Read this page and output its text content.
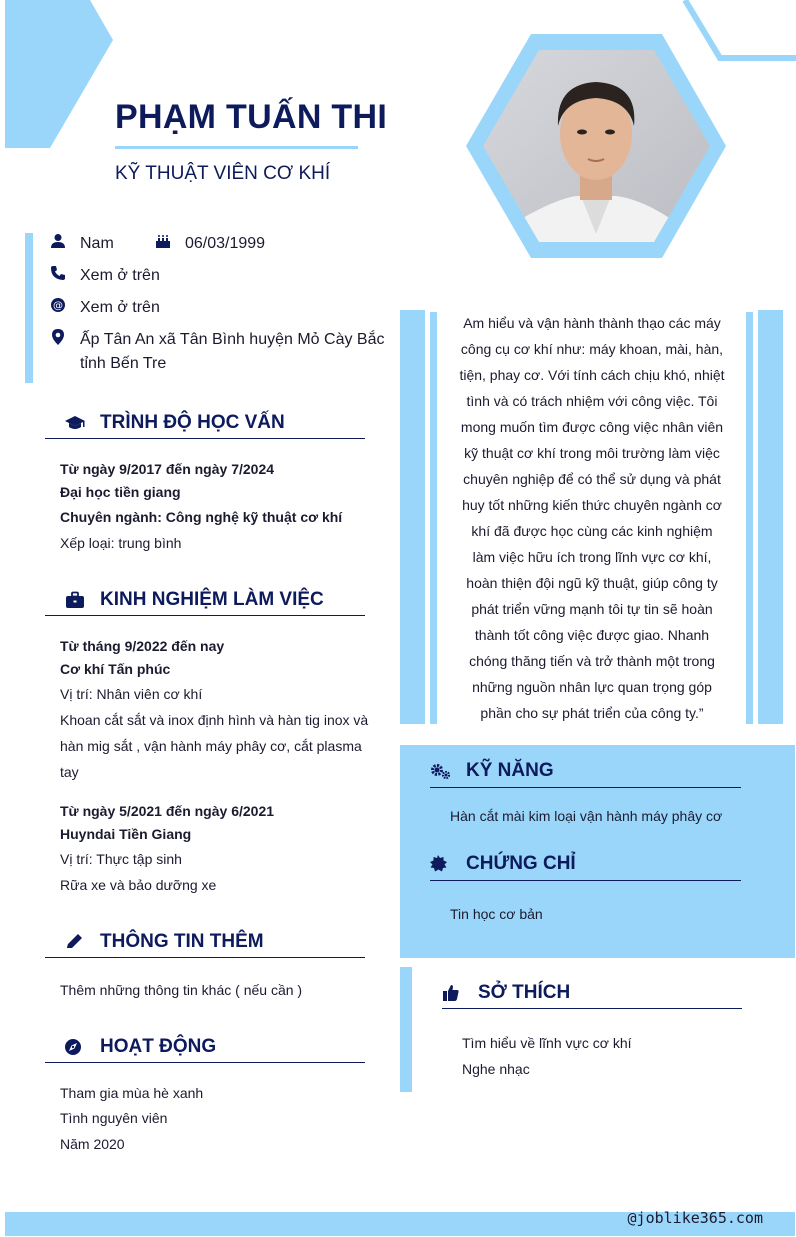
PHẠM TUẤN THI
KỸ THUẬT VIÊN CƠ KHÍ
Nam	06/03/1999
Xem ở trên
@ Xem ở trên
Ấp Tân An xã Tân Bình huyện Mỏ Cày Bắc
tỉnh Bến Tre
TRÌNH ĐỘ HỌC VẤN
Từ ngày 9/2017 đến ngày 7/2024
Đại học tiền giang
Chuyên ngành: Công nghệ kỹ thuật cơ khí
Xếp loại: trung bình
KINH NGHIỆM LÀM VIỆC
Từ tháng 9/2022 đến nay
Cơ khí Tấn phúc
Vị trí: Nhân viên cơ khí
Khoan cắt sắt và inox định hình và hàn tig inox và
hàn mig sắt , vận hành máy phây cơ, cắt plasma
tay
Từ ngày 5/2021 đến ngày 6/2021
Huyndai Tiền Giang
Vị trí: Thực tập sinh
Rữa xe và bảo dưỡng xe
THÔNG TIN THÊM
Thêm những thông tin khác ( nếu cần )
HOẠT ĐỘNG
Tham gia mùa hè xanh
Tình nguyên viên
Năm 2020
Am hiểu và vận hành thành thạo các máy
công cụ cơ khí như: máy khoan, mài, hàn,
tiện, phay cơ. Với tính cách chịu khó, nhiệt
tình và có trách nhiệm với công việc. Tôi
mong muốn tìm được công việc nhân viên
kỹ thuật cơ khí trong môi trường làm việc
chuyên nghiệp để có thể sử dụng và phát
huy tốt những kiến thức chuyên ngành cơ
khí đã được học cùng các kinh nghiệm
làm việc hữu ích trong lĩnh vực cơ khí,
hoàn thiện đội ngũ kỹ thuật, giúp công ty
phát triển vững mạnh tôi tự tin sẽ hoàn
thành tốt công việc được giao. Nhanh
chóng thăng tiến và trở thành một trong
những nguồn nhân lực quan trọng góp
phần cho sự phát triển của công ty.”
KỸ NĂNG
Hàn cắt mài kim loại vận hành máy phây cơ
CHỨNG CHỈ
Tin học cơ bản
SỞ THÍCH
Tìm hiểu về lĩnh vực cơ khí
Nghe nhạc
@joblike365.com
